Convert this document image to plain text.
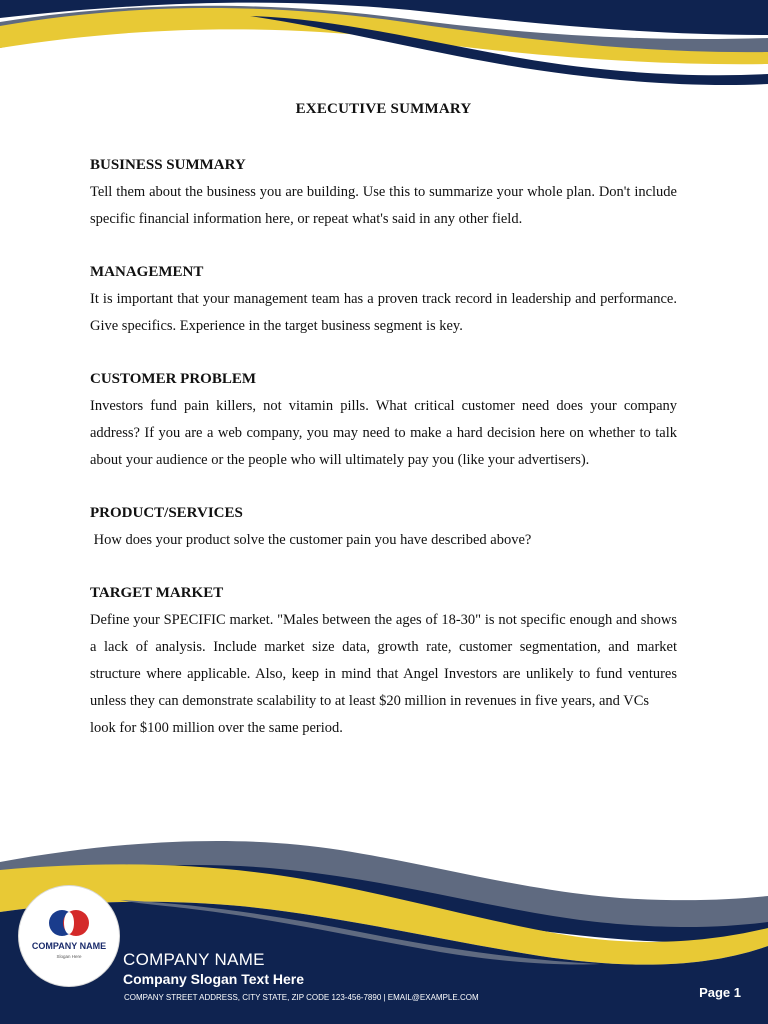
EXECUTIVE SUMMARY

BUSINESS SUMMARY

Tell them about the business you are building. Use this to summarize your whole plan. Don't include specific financial information here, or repeat what's said in any other field.

MANAGEMENT

It is important that your management team has a proven track record in leadership and performance. Give specifics. Experience in the target business segment is key.

CUSTOMER PROBLEM

Investors fund pain killers, not vitamin pills. What critical customer need does your company address? If you are a web company, you may need to make a hard decision here on whether to talk about your audience or the people who will ultimately pay you (like your advertisers).

PRODUCT/SERVICES

How does your product solve the customer pain you have described above?

TARGET MARKET

Define your SPECIFIC market. "Males between the ages of 18-30" is not specific enough and shows a lack of analysis. Include market size data, growth rate, customer segmentation, and market structure where applicable. Also, keep in mind that Angel Investors are unlikely to fund ventures unless they can demonstrate scalability to at least $20 million in revenues in five years, and VCs

look for $100 million over the same period.

COMPANY NAME
Slogan Here	COMPANY NAME
Company Slogan Text Here
COMPANY STREET ADDRESS, CITY STATE, ZIP CODE 123-456-7890 | EMAIL@EXAMPLE.COM	Page 1
